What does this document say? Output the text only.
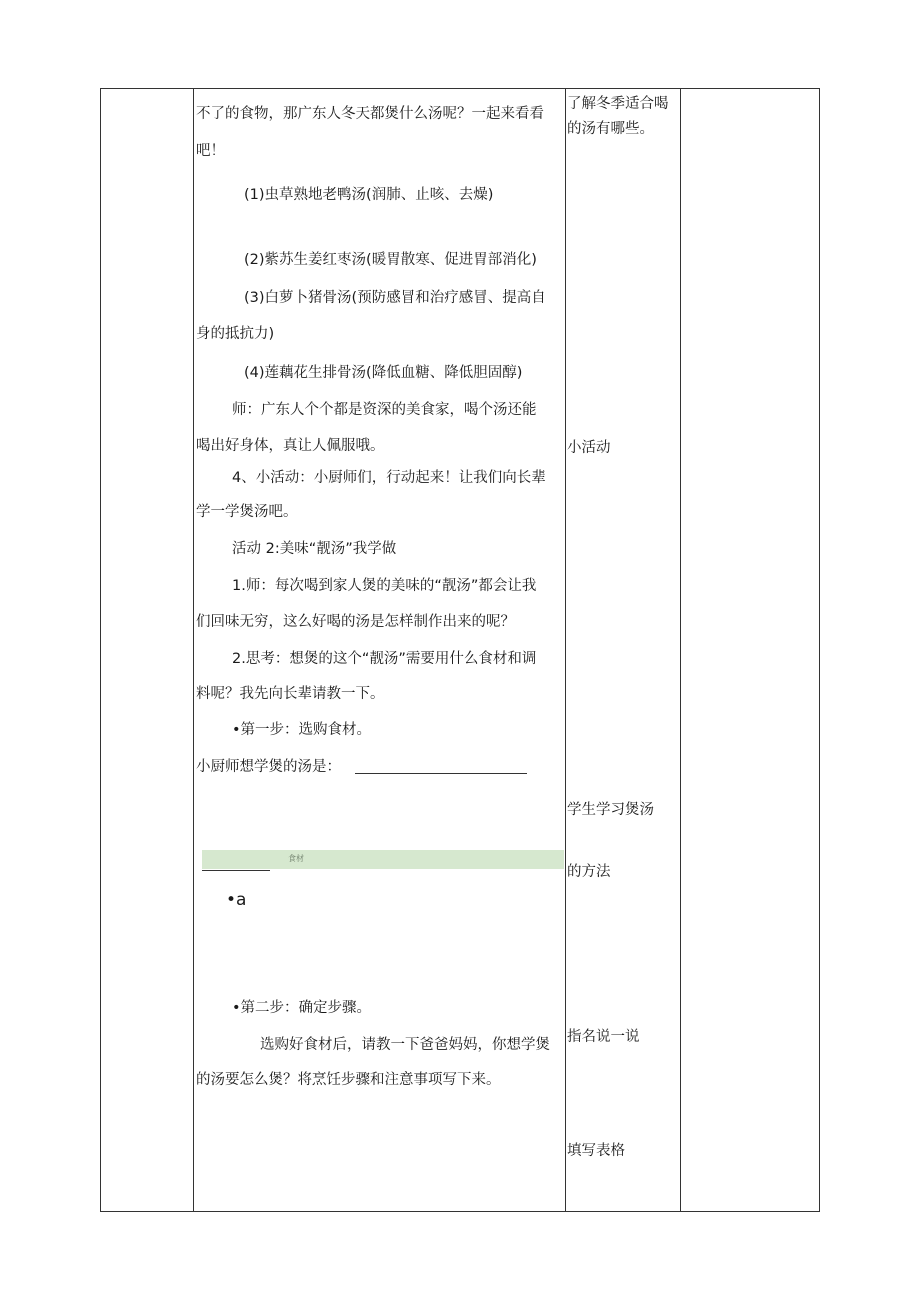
不了的食物，那广东人冬天都煲什么汤呢？一起来看看
吧！
(1)虫草熟地老鸭汤(润肺、止咳、去燥)
(2)紫苏生姜红枣汤(暖胃散寒、促进胃部消化)
(3)白萝卜猪骨汤(预防感冒和治疗感冒、提高自
身的抵抗力)
(4)莲藕花生排骨汤(降低血糖、降低胆固醇)
师：广东人个个都是资深的美食家，喝个汤还能
喝出好身体，真让人佩服哦。
4、小活动：小厨师们，行动起来！让我们向长辈
学一学煲汤吧。
活动 2:美味“靓汤”我学做
1.师：每次喝到家人煲的美味的“靓汤”都会让我
们回味无穷，这么好喝的汤是怎样制作出来的呢？
2.思考：想煲的这个“靓汤”需要用什么食材和调
料呢？我先向长辈请教一下。
•第一步：选购食材。
小厨师想学煲的汤是：
食材
•a
•第二步：确定步骤。
选购好食材后，请教一下爸爸妈妈，你想学煲
的汤要怎么煲？将烹饪步骤和注意事项写下来。
了解冬季适合喝
的汤有哪些。
小活动
学生学习煲汤
的方法
指名说一说
填写表格
